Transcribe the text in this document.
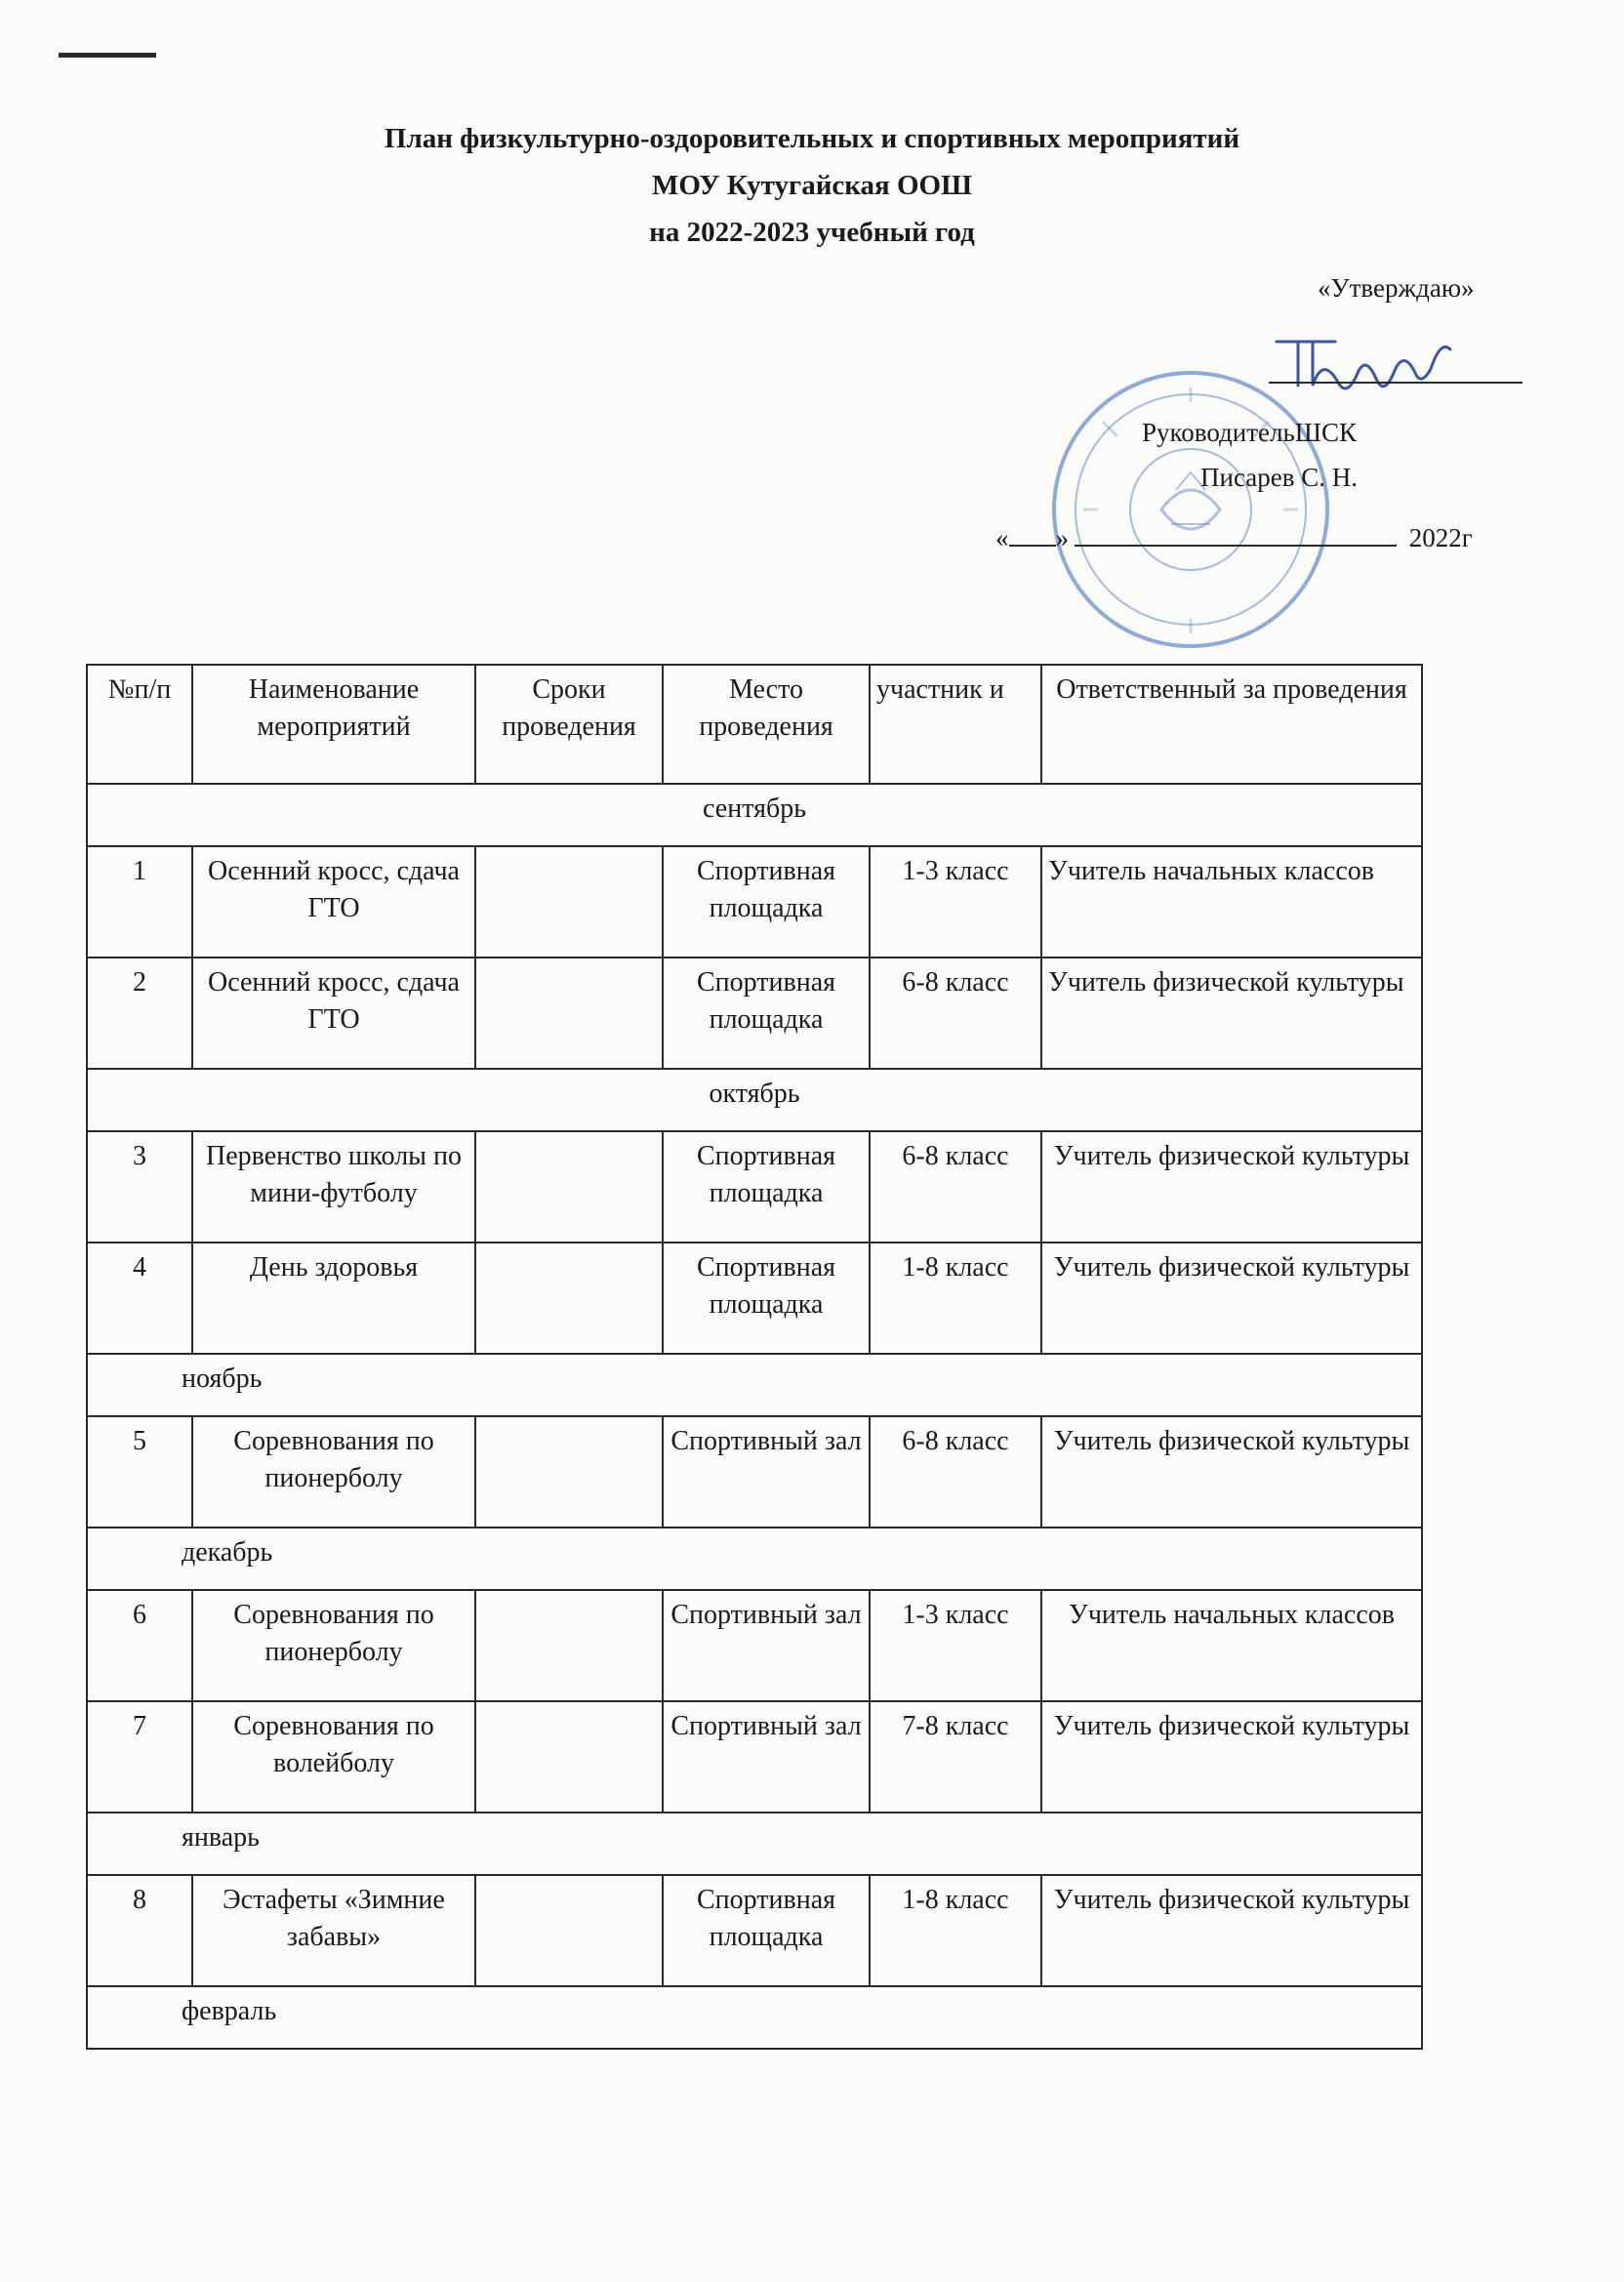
План физкультурно-оздоровительных и спортивных мероприятий
МОУ Кутугайская ООШ
на 2022-2023 учебный год
«Утверждаю»
РуководительШСК
Писарев С. Н.
« »	2022г
№п/п	Наименование мероприятий	Сроки проведения	Место проведения	участник и	Ответственный за проведения
сентябрь					
1	Осенний кросс, сдача ГТО		Спортивная площадка	1-3 класс	Учитель начальных классов
2	Осенний кросс, сдача ГТО		Спортивная площадка	6-8 класс	Учитель физической культуры
октябрь					
3	Первенство школы по мини-футболу		Спортивная площадка	6-8 класс	Учитель физической культуры
4	День здоровья		Спортивная площадка	1-8 класс	Учитель физической культуры
ноябрь					
5	Соревнования по пионерболу		Спортивный зал	6-8 класс	Учитель физической культуры
декабрь					
6	Соревнования по пионерболу		Спортивный зал	1-3 класс	Учитель начальных классов
7	Соревнования по волейболу		Спортивный зал	7-8 класс	Учитель физической культуры
январь					
8	Эстафеты «Зимние забавы»		Спортивная площадка	1-8 класс	Учитель физической культуры
февраль					
